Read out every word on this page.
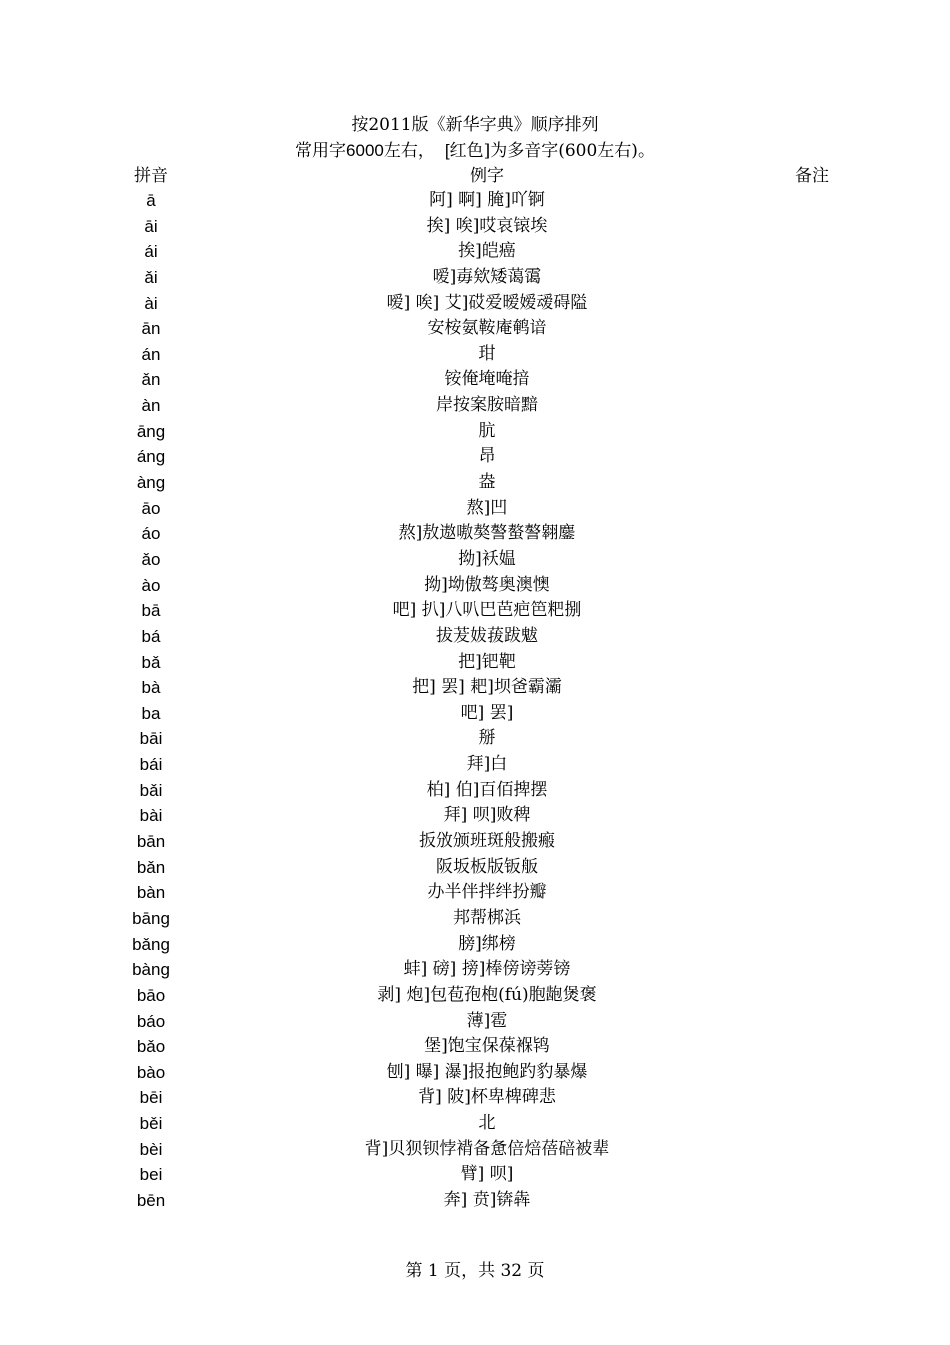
按2011版《新华字典》顺序排列
常用字6000左右， [红色]为多音字(600左右)。
拼音	例字	备注
ā	阿] 啊] 腌]吖锕
āi	挨] 唉]哎哀锿埃
ái	挨]皑癌
ǎi	嗳]毐欸矮蔼霭
ài	嗳] 唉] 艾]砹爱暧嫒叆碍隘
ān	安桉氨鞍庵鹌谙
án	玵
ǎn	铵俺埯唵揞
àn	岸按案胺暗黯
āng	肮
áng	昂
àng	盎
āo	熬]凹
áo	熬]敖遨嗷獒謷螯謷翱鏖
ǎo	拗]袄媪
ào	拗]坳傲骜奥澳懊
bā	吧] 扒]八叭巴芭疤笆粑捌
bá	拔茇妭菝跋魃
bǎ	把]钯靶
bà	把] 罢] 耙]坝爸霸灞
ba	吧] 罢]
bāi	掰
bái	拜]白
bǎi	柏] 伯]百佰捭摆
bài	拜] 呗]败稗
bān	扳攽颁班斑般搬瘢
bǎn	阪坂板版钣舨
bàn	办半伴拌绊扮瓣
bāng	邦帮梆浜
bǎng	膀]绑榜
bàng	蚌] 磅] 搒]棒傍谤蒡镑
bāo	剥] 炮]包苞孢枹(fú)胞龅煲褒
báo	薄]雹
bǎo	堡]饱宝保葆褓鸨
bào	刨] 曝] 瀑]报抱鲍趵豹暴爆
bēi	背] 陂]杯卑椑碑悲
běi	北
bèi	背]贝狈钡悖褙备惫倍焙蓓碚被辈
bei	臂] 呗]
bēn	奔] 贲]锛犇
第 1 页，共 32 页
